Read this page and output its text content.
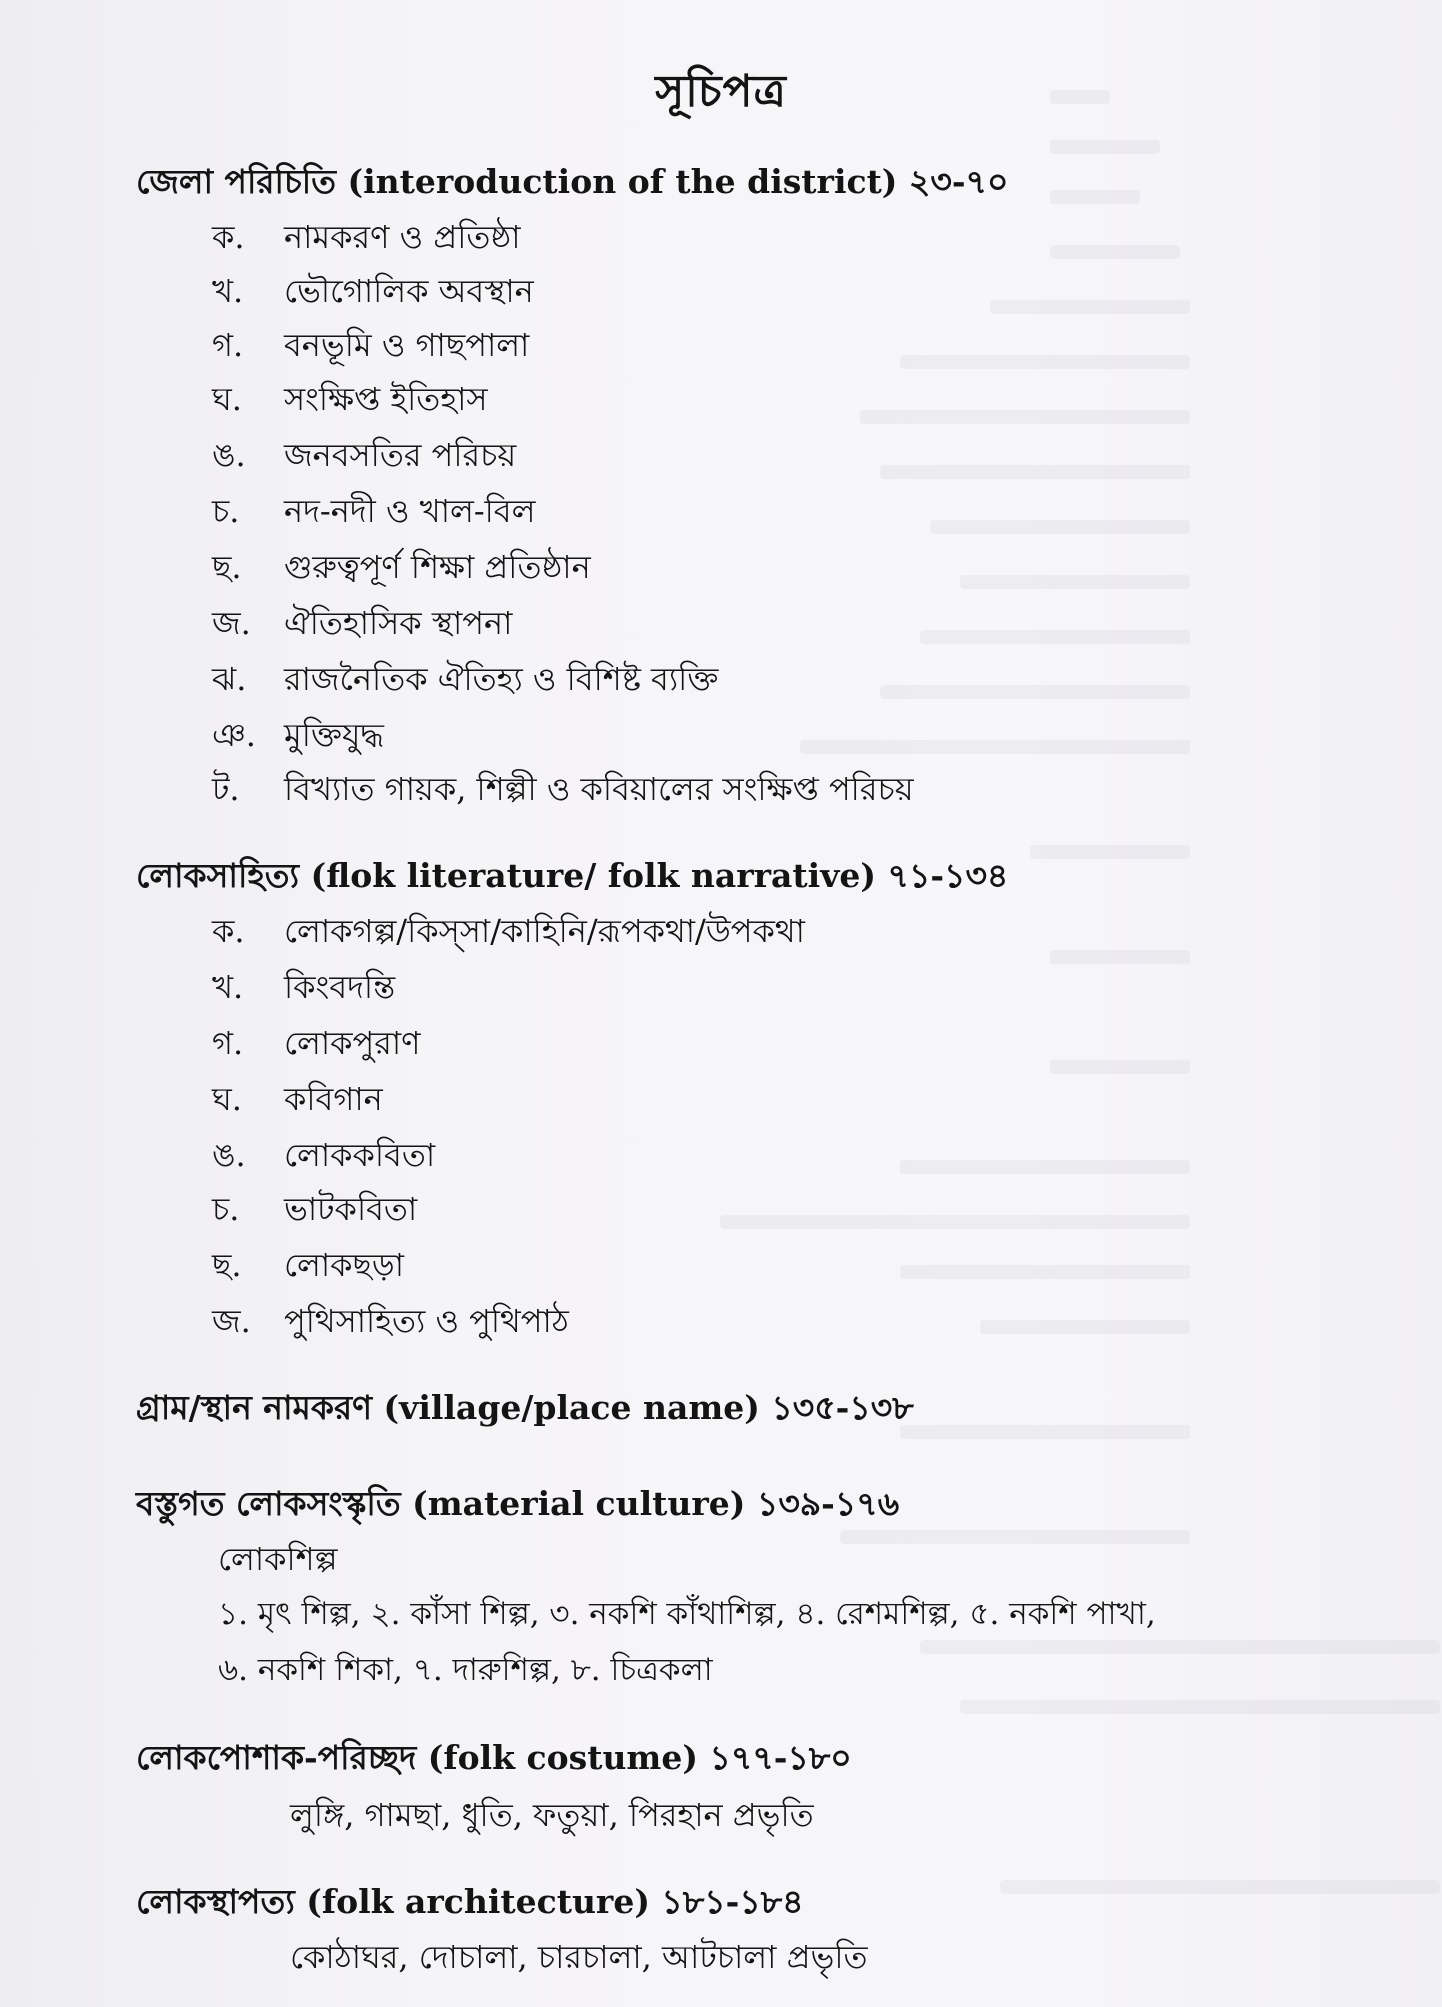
সূচিপত্র
জেলা পরিচিতি (interoduction of the district) ২৩-৭০
ক. নামকরণ ও প্রতিষ্ঠা
খ. ভৌগোলিক অবস্থান
গ. বনভূমি ও গাছপালা
ঘ. সংক্ষিপ্ত ইতিহাস
ঙ. জনবসতির পরিচয়
চ. নদ-নদী ও খাল-বিল
ছ. গুরুত্বপূর্ণ শিক্ষা প্রতিষ্ঠান
জ. ঐতিহাসিক স্থাপনা
ঝ. রাজনৈতিক ঐতিহ্য ও বিশিষ্ট ব্যক্তি
ঞ. মুক্তিযুদ্ধ
ট. বিখ্যাত গায়ক, শিল্পী ও কবিয়ালের সংক্ষিপ্ত পরিচয়
লোকসাহিত্য (flok literature/ folk narrative) ৭১-১৩৪
ক. লোকগল্প/কিস্‌সা/কাহিনি/রূপকথা/উপকথা
খ. কিংবদন্তি
গ. লোকপুরাণ
ঘ. কবিগান
ঙ. লোককবিতা
চ. ভাটকবিতা
ছ. লোকছড়া
জ. পুথিসাহিত্য ও পুথিপাঠ
গ্রাম/স্থান নামকরণ (village/place name) ১৩৫-১৩৮
বস্তুগত লোকসংস্কৃতি (material culture) ১৩৯-১৭৬
লোকশিল্প
১. মৃৎ শিল্প, ২. কাঁসা শিল্প, ৩. নকশি কাঁথাশিল্প, ৪. রেশমশিল্প, ৫. নকশি পাখা,
৬. নকশি শিকা, ৭. দারুশিল্প, ৮. চিত্রকলা
লোকপোশাক-পরিচ্ছদ (folk costume) ১৭৭-১৮০
লুঙ্গি, গামছা, ধুতি, ফতুয়া, পিরহান প্রভৃতি
লোকস্থাপত্য (folk architecture) ১৮১-১৮৪
কোঠাঘর, দোচালা, চারচালা, আটচালা প্রভৃতি
